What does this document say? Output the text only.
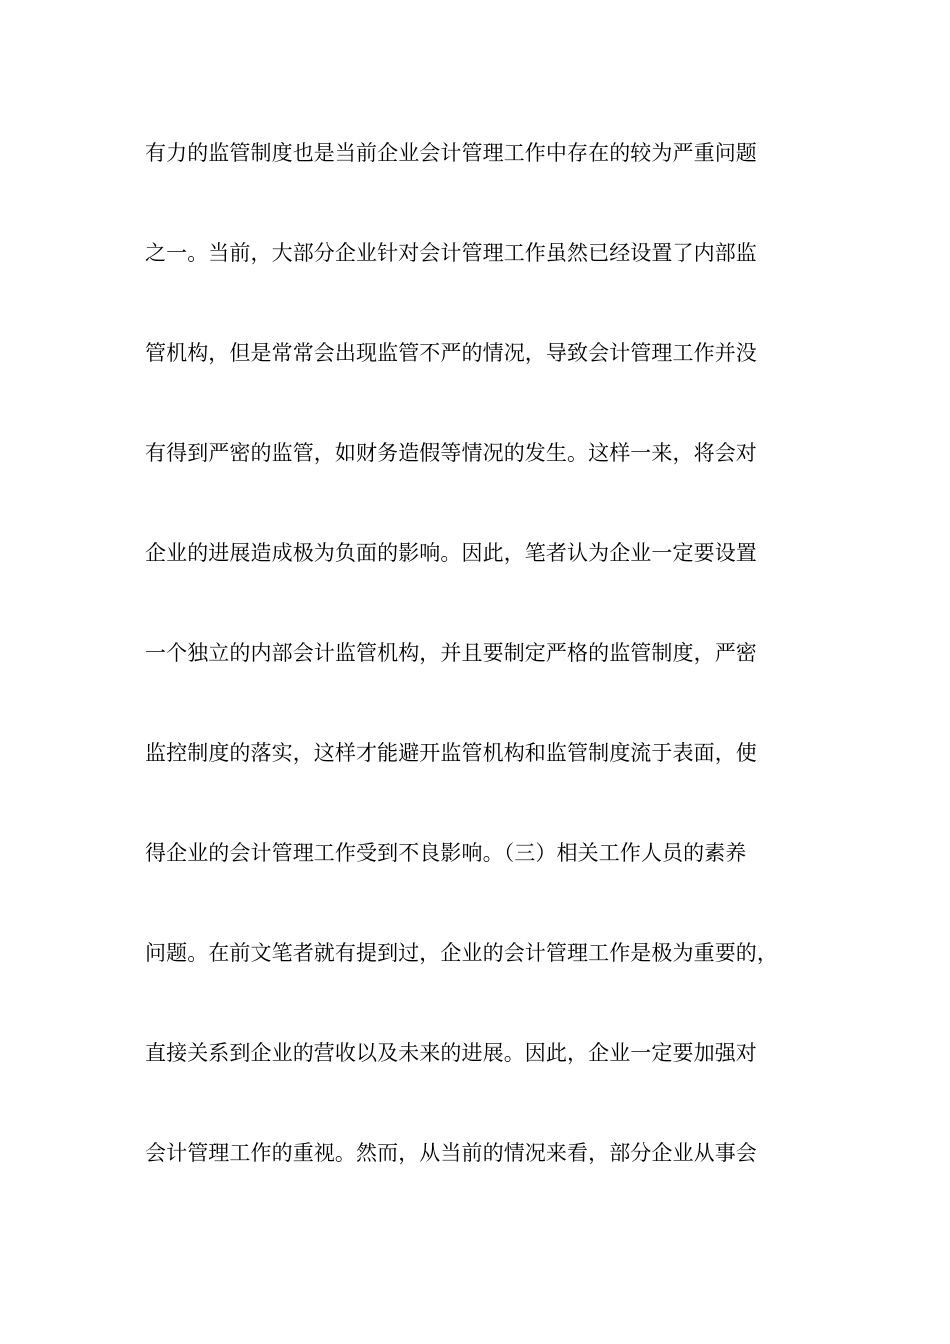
有力的监管制度也是当前企业会计管理工作中存在的较为严重问题
之一。当前，大部分企业针对会计管理工作虽然已经设置了内部监
管机构，但是常常会出现监管不严的情况，导致会计管理工作并没
有得到严密的监管，如财务造假等情况的发生。这样一来，将会对
企业的进展造成极为负面的影响。因此，笔者认为企业一定要设置
一个独立的内部会计监管机构，并且要制定严格的监管制度，严密
监控制度的落实，这样才能避开监管机构和监管制度流于表面，使
得企业的会计管理工作受到不良影响。（三）相关工作人员的素养
问题。在前文笔者就有提到过，企业的会计管理工作是极为重要的，
直接关系到企业的营收以及未来的进展。因此，企业一定要加强对
会计管理工作的重视。然而，从当前的情况来看，部分企业从事会
